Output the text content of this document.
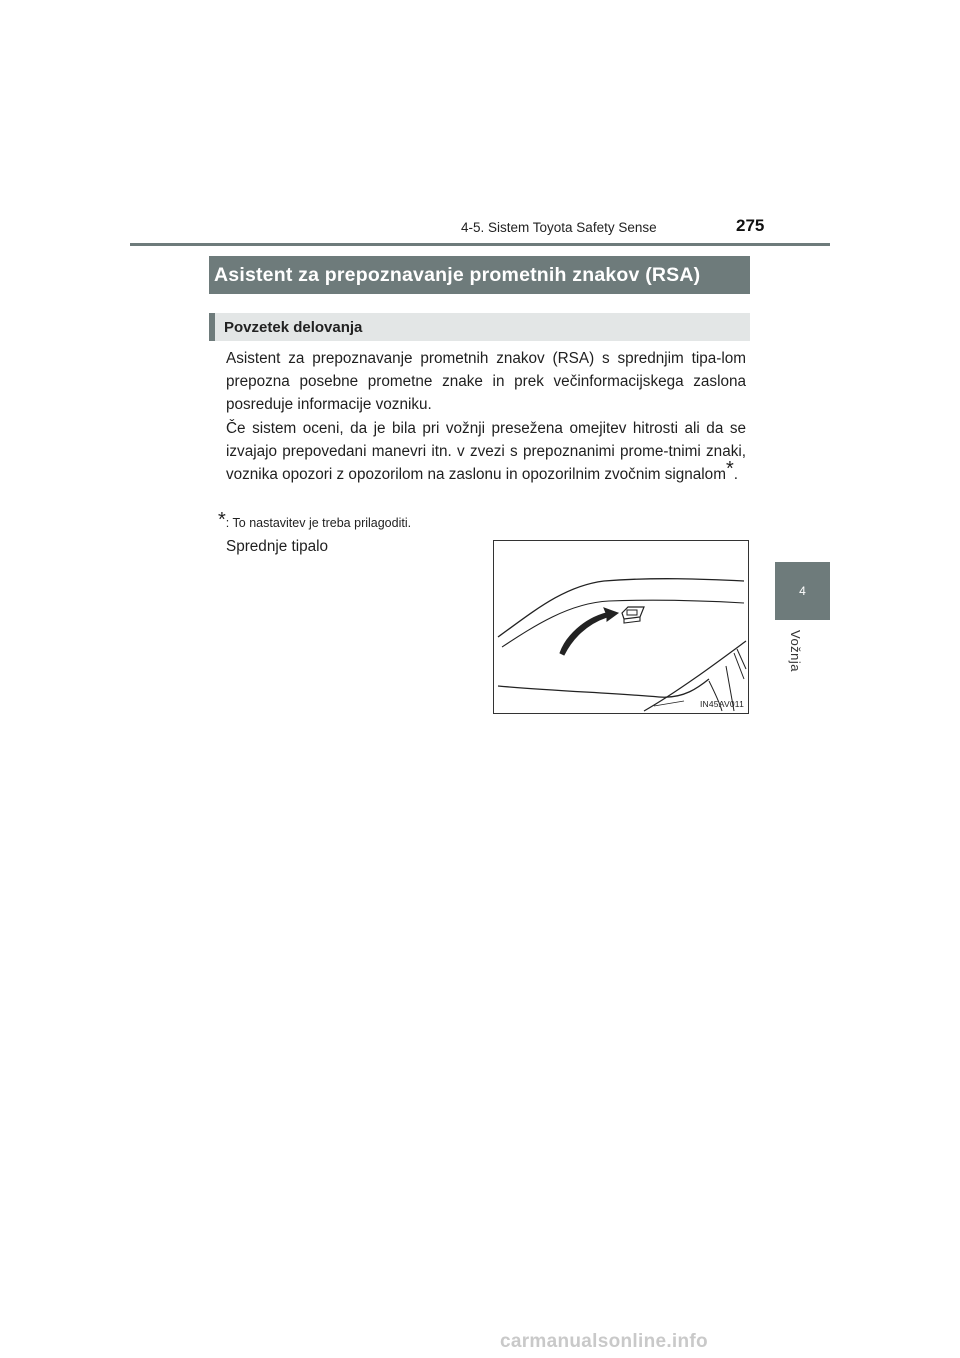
4-5. Sistem Toyota Safety Sense	275
4
Vožnja
Asistent za prepoznavanje prometnih znakov (RSA)
Povzetek delovanja

Asistent za prepoznavanje prometnih znakov (RSA) s sprednjim tipa-lom prepozna posebne prometne znake in prek večinformacijskega zaslona posreduje informacije vozniku.

Če sistem oceni, da je bila pri vožnji presežena omejitev hitrosti ali da se izvajajo prepovedani manevri itn. v zvezi s prepoznanimi prome-tnimi znaki, voznika opozori z opozorilom na zaslonu in opozorilnim zvočnim signalom*.

*: To nastavitev je treba prilagoditi.
Sprednje tipalo
IN45AV011
carmanualsonline.info
